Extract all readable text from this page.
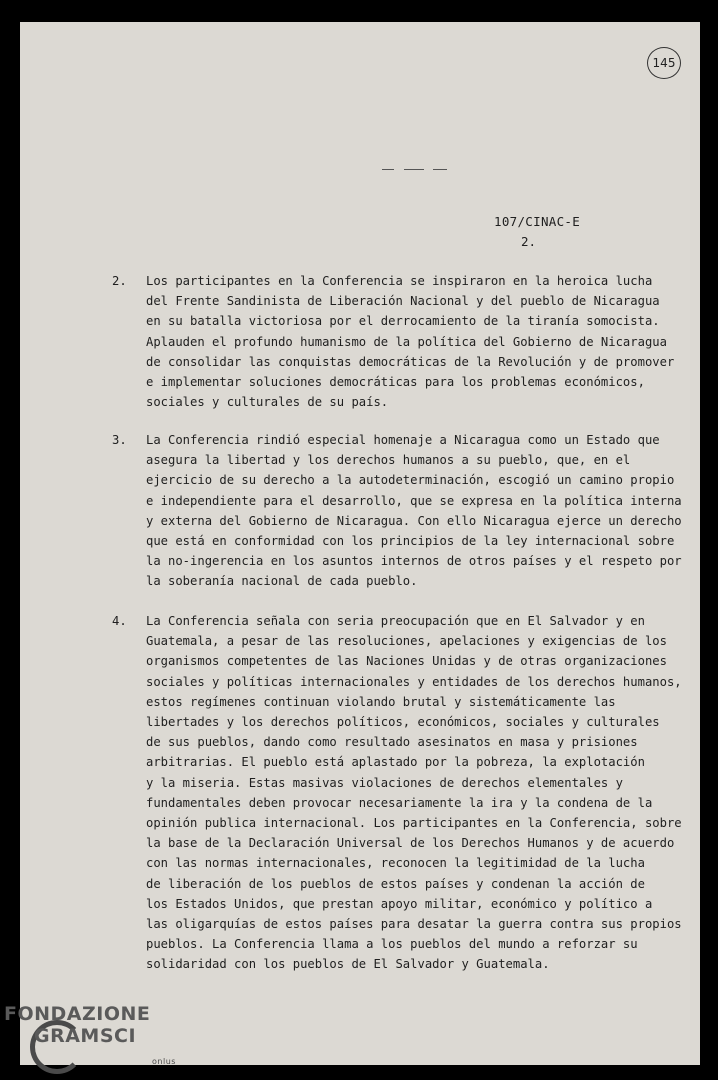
145
107/CINAC-E
2.
2. Los participantes en la Conferencia se inspiraron en la heroica lucha
del Frente Sandinista de Liberación Nacional y del pueblo de Nicaragua
en su batalla victoriosa por el derrocamiento de la tiranía somocista.
Aplauden el profundo humanismo de la política del Gobierno de Nicaragua
de consolidar las conquistas democráticas de la Revolución y de promover
e implementar soluciones democráticas para los problemas económicos,
sociales y culturales de su país.
3. La Conferencia rindió especial homenaje a Nicaragua como un Estado que
asegura la libertad y los derechos humanos a su pueblo, que, en el
ejercicio de su derecho a la autodeterminación, escogió un camino propio
e independiente para el desarrollo, que se expresa en la política interna
y externa del Gobierno de Nicaragua. Con ello Nicaragua ejerce un derecho
que está en conformidad con los principios de la ley internacional sobre
la no-ingerencia en los asuntos internos de otros países y el respeto por
la soberanía nacional de cada pueblo.
4. La Conferencia señala con seria preocupación que en El Salvador y en
Guatemala, a pesar de las resoluciones, apelaciones y exigencias de los
organismos competentes de las Naciones Unidas y de otras organizaciones
sociales y políticas internacionales y entidades de los derechos humanos,
estos regímenes continuan violando brutal y sistemáticamente las
libertades y los derechos políticos, económicos, sociales y culturales
de sus pueblos, dando como resultado asesinatos en masa y prisiones
arbitrarias. El pueblo está aplastado por la pobreza, la explotación
y la miseria. Estas masivas violaciones de derechos elementales y
fundamentales deben provocar necesariamente la ira y la condena de la
opinión publica internacional. Los participantes en la Conferencia, sobre
la base de la Declaración Universal de los Derechos Humanos y de acuerdo
con las normas internacionales, reconocen la legitimidad de la lucha
de liberación de los pueblos de estos países y condenan la acción de
los Estados Unidos, que prestan apoyo militar, económico y político a
las oligarquías de estos países para desatar la guerra contra sus propios
pueblos. La Conferencia llama a los pueblos del mundo a reforzar su
solidaridad con los pueblos de El Salvador y Guatemala.
FONDAZIONE
GRAMSCI
onlus
